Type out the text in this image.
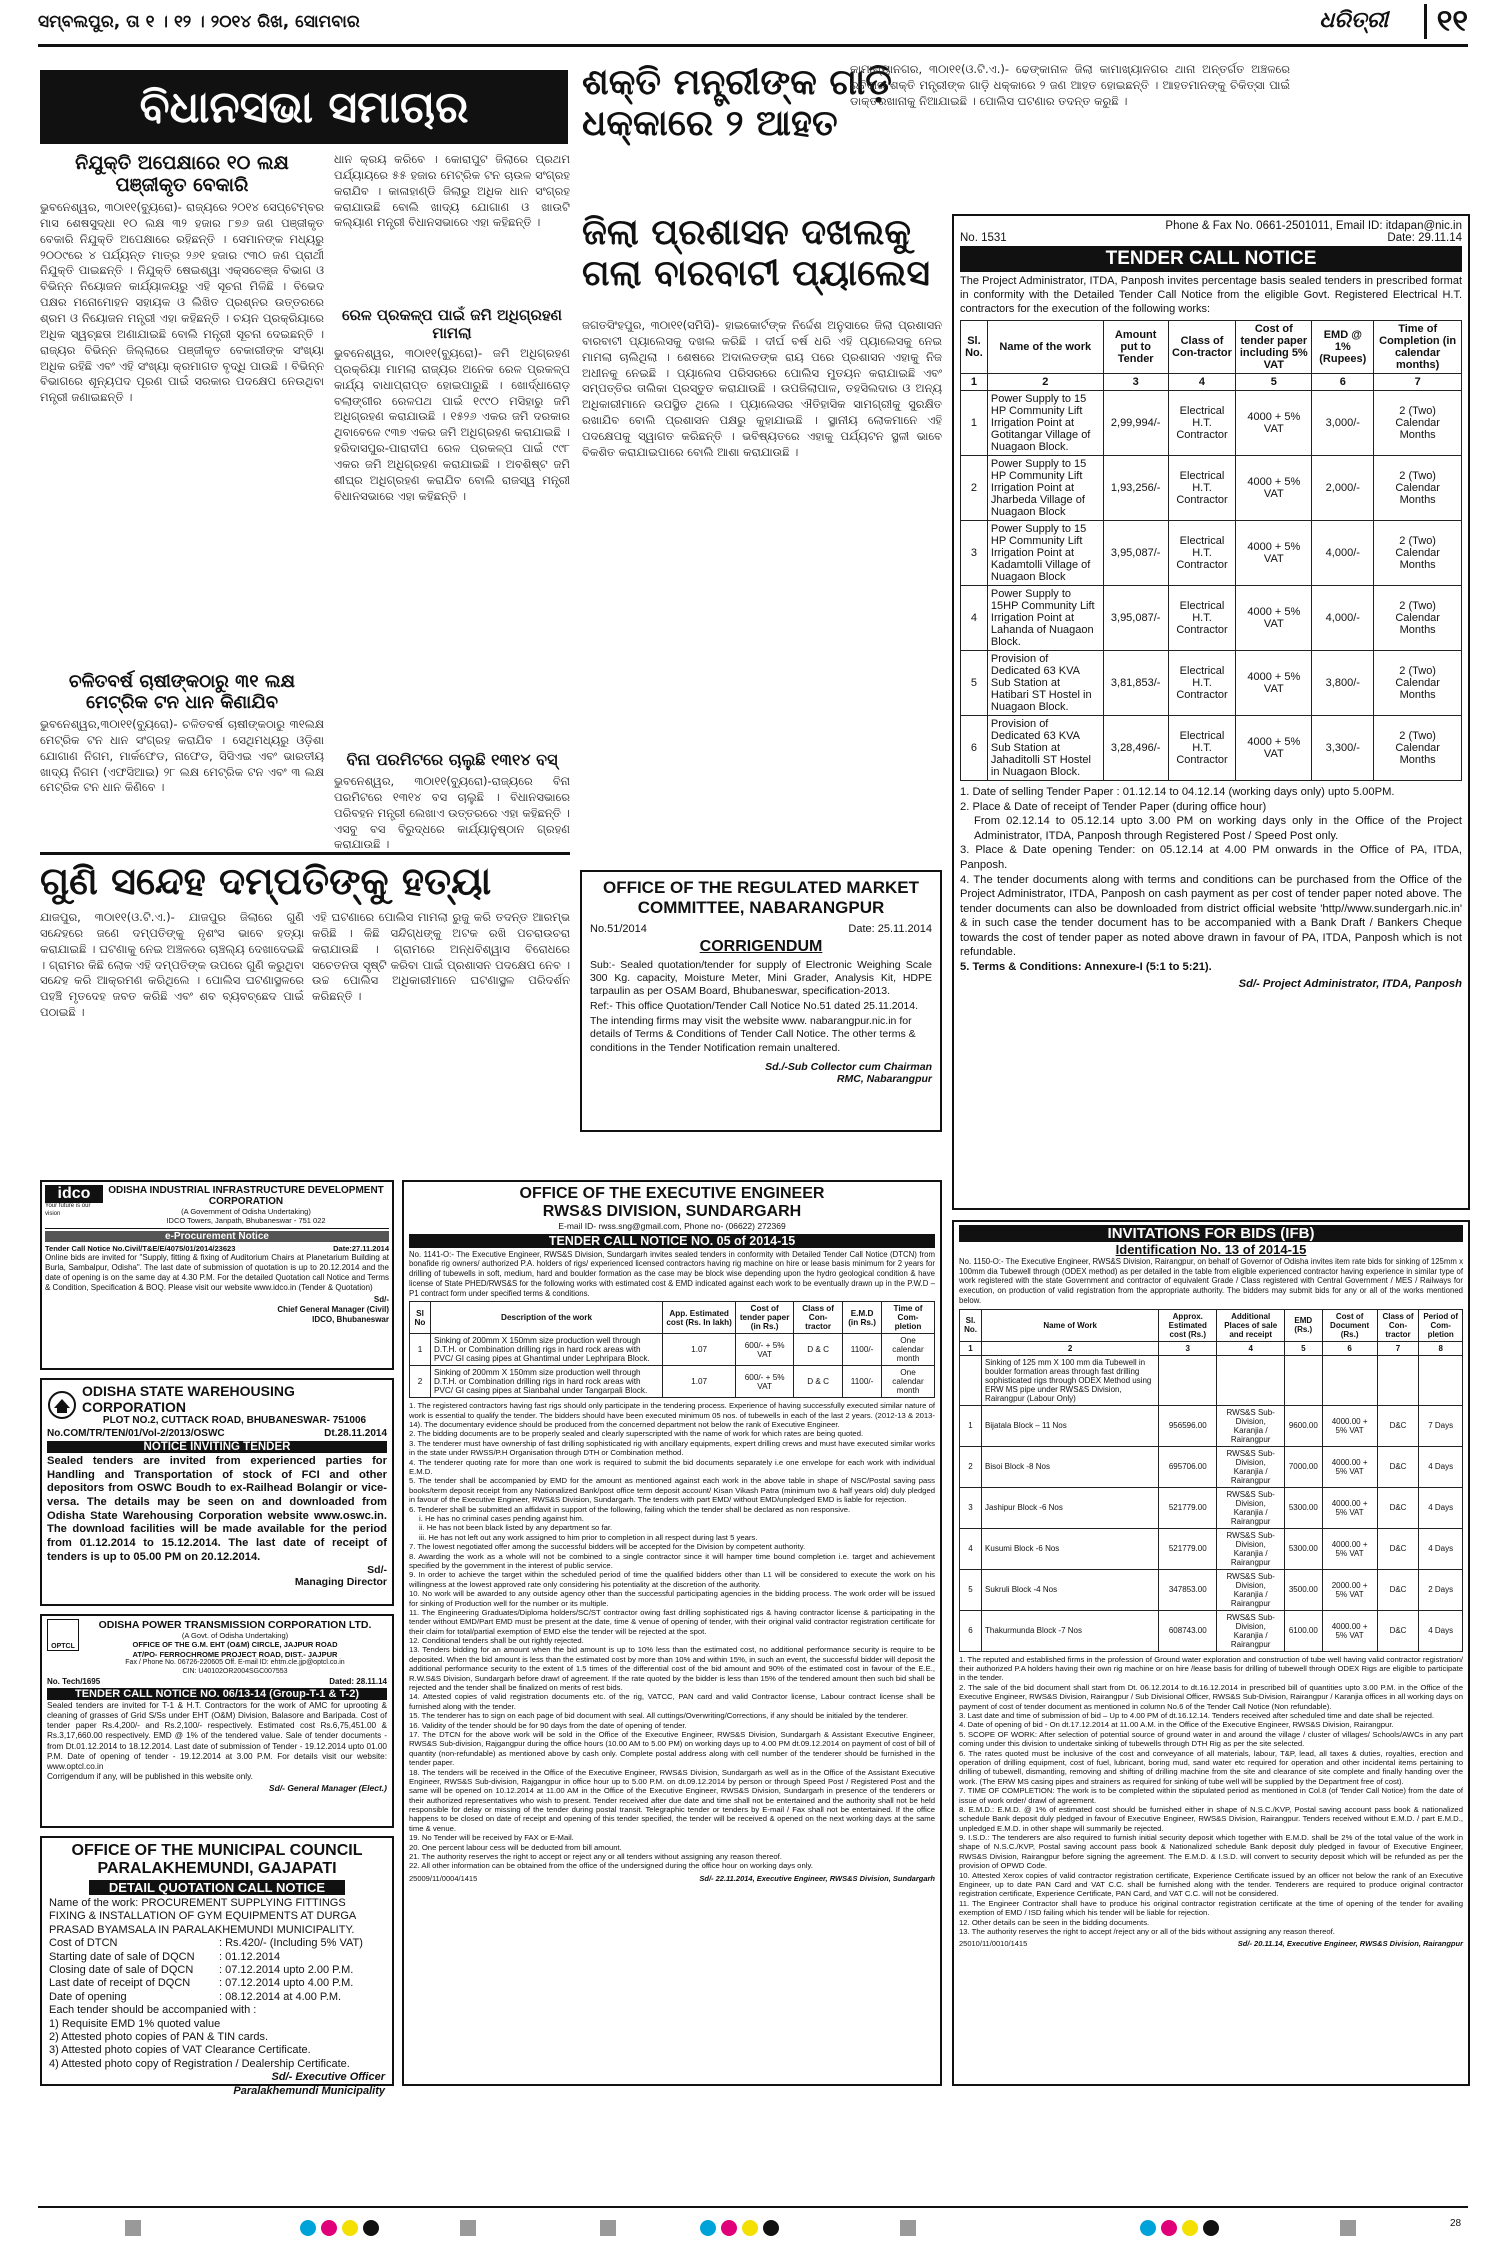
ସମ୍ବଲପୁର, ତା ୧ । ୧୨ । ୨୦୧୪ ରିଖ, ସୋମବାର	ଧରିତ୍ରୀ	୧୧
ବିଧାନସଭା ସମାଚାର
ନିଯୁକ୍ତି ଅପେକ୍ଷାରେ ୧୦ ଲକ୍ଷ
ପଞ୍ଜୀକୃତ ବେକାରି
ଭୁବନେଶ୍ୱର, ୩୦ା୧୧(ବ୍ୟୁରୋ)- ରାଜ୍ୟରେ ୨୦୧୪ ସେପ୍ଟେମ୍ବର ମାସ ଶେଷସୁଦ୍ଧା ୧୦ ଲକ୍ଷ ୩୨ ହଜାର ୮୭୬ ଜଣ ପଞ୍ଜୀକୃତ ବେକାରି ନିଯୁକ୍ତି ଅପେକ୍ଷାରେ ରହିଛନ୍ତି । ସେମାନଙ୍କ ମଧ୍ୟରୁ ୨୦୦୯ରେ ୪ ପର୍ଯ୍ୟନ୍ତ ମାତ୍ର ୨୬୧ ହଜାର ୯୩୦ ଜଣ ପ୍ରାର୍ଥୀ ନିଯୁକ୍ତି ପାଇଛନ୍ତି । ନିଯୁକ୍ତି ଷେଇଶ୍ୱା ଏକ୍ସଚେଞ୍ଜ ବିଭାଗ ଓ ବିଭିନ୍ନ ନିୟୋଜନ କାର୍ଯ୍ୟାଳୟରୁ ଏହି ସୂଚନା ମିଳିଛି । ବିଭେଦ ପକ୍ଷର ମନୋମୋହନ ସହାୟକ ଓ ଲିଖିତ ପ୍ରଶ୍ନର ଉତ୍ତରରେ ଶ୍ରମ ଓ ନିୟୋଜନ ମନ୍ତ୍ରୀ ଏହା କହିଛନ୍ତି । ଚୟନ ପ୍ରକ୍ରିୟାରେ ଅଧିକ ସ୍ୱଚ୍ଛତା ଅଣାଯାଇଛି ବୋଲି ମନ୍ତ୍ରୀ ସୂଚନା ଦେଇଛନ୍ତି । ରାଜ୍ୟର ବିଭିନ୍ନ ଜିଲ୍ଲାରେ ପଞ୍ଜୀକୃତ ବେକାରୀଙ୍କ ସଂଖ୍ୟା ଅଧିକ ରହିଛି ଏବଂ ଏହି ସଂଖ୍ୟା କ୍ରମାଗତ ବୃଦ୍ଧି ପାଉଛି । ବିଭିନ୍ନ ବିଭାଗରେ ଶୂନ୍ୟପଦ ପୂରଣ ପାଇଁ ସରକାର ପଦକ୍ଷେପ ନେଉଥିବା ମନ୍ତ୍ରୀ ଜଣାଇଛନ୍ତି ।
ଚଳିତବର୍ଷ ଚାଷୀଙ୍କଠାରୁ ୩୧ ଲକ୍ଷ
ମେଟ୍ରିକ ଟନ ଧାନ କିଣାଯିବ
ଭୁବନେଶ୍ୱର,୩୦ା୧୧(ବ୍ୟୁରୋ)- ଚଳିତବର୍ଷ ଚାଷୀଙ୍କଠାରୁ ୩୧ଲକ୍ଷ ମେଟ୍ରିକ ଟନ ଧାନ ସଂଗ୍ରହ କରାଯିବ । ସେଥିମଧ୍ୟରୁ ଓଡ଼ିଶା ଯୋଗାଣ ନିଗମ, ମାର୍କଫେଡ, ନାଫେଡ, ସିସିଏଇ ଏବଂ ଭାରତୀୟ ଖାଦ୍ୟ ନିଗମ (ଏଫସିଆଇ) ୨୮ ଲକ୍ଷ ମେଟ୍ରିକ ଟନ ଏବଂ ୩ ଲକ୍ଷ ମେଟ୍ରିକ ଟନ ଧାନ କିଣିବେ ।
ଧାନ କ୍ରୟ କରିବେ । କୋରାପୁଟ ଜିଲାରେ ପ୍ରଥମ ପର୍ଯ୍ୟାୟରେ ୫୫ ହଜାର ମେଟ୍ରିକ ଟନ ଚାଉଳ ସଂଗ୍ରହ କରାଯିବ । କାଳାହାଣ୍ଡି ଜିଲାରୁ ଅଧିକ ଧାନ ସଂଗ୍ରହ କରାଯାଉଛି ବୋଲି ଖାଦ୍ୟ ଯୋଗାଣ ଓ ଖାଉଟି କଲ୍ୟାଣ ମନ୍ତ୍ରୀ ବିଧାନସଭାରେ ଏହା କହିଛନ୍ତି ।
ରେଳ ପ୍ରକଳ୍ପ ପାଇଁ ଜମି ଅଧିଗ୍ରହଣ ମାମଲା
ଭୁବନେଶ୍ୱର, ୩୦ା୧୧(ବ୍ୟୁରୋ)- ଜମି ଅଧିଗ୍ରହଣ ପ୍ରକ୍ରିୟା ମାମଲା ରାଜ୍ୟର ଅନେକ ରେଳ ପ୍ରକଳ୍ପ କାର୍ଯ୍ୟ ବାଧାପ୍ରାପ୍ତ ହୋଇପାରୁଛି । ଖୋର୍ଦ୍ଧାରୋଡ଼ ବଲାଙ୍ଗୀର ରେଳପଥ ପାଇଁ ୧୯୯୦ ମସିହାରୁ ଜମି ଅଧିଗ୍ରହଣ କରାଯାଉଛି । ୧୫୨୬ ଏକର ଜମି ଦରକାର ଥିବାବେଳେ ୯୩୭ ଏକର ଜମି ଅଧିଗ୍ରହଣ କରାଯାଇଛି । ହରିଦାସପୁର-ପାରାଦୀପ ରେଳ ପ୍ରକଳ୍ପ ପାଇଁ ୯୯୮ ଏକର ଜମି ଅଧିଗ୍ରହଣ କରାଯାଇଛି । ଅବଶିଷ୍ଟ ଜମି ଶୀଘ୍ର ଅଧିଗ୍ରହଣ କରାଯିବ ବୋଲି ରାଜସ୍ୱ ମନ୍ତ୍ରୀ ବିଧାନସଭାରେ ଏହା କହିଛନ୍ତି ।
ବିନା ପରମିଟରେ ଚାଲୁଛି ୧୩୧୪ ବସ୍
ଭୁବନେଶ୍ୱର, ୩୦ା୧୧(ବ୍ୟୁରୋ)-ରାଜ୍ୟରେ ବିନା ପରମିଟରେ ୧୩୧୪ ବସ ଚାଲୁଛି । ବିଧାନସଭାରେ ପରିବହନ ମନ୍ତ୍ରୀ ଲେଖାଏ ଉତ୍ତରରେ ଏହା କହିଛନ୍ତି । ଏସବୁ ବସ ବିରୁଦ୍ଧରେ କାର୍ଯ୍ୟାନୁଷ୍ଠାନ ଗ୍ରହଣ କରାଯାଉଛି ।
ଶକ୍ତି ମନ୍ତ୍ରୀଙ୍କ ଗାଡ଼ି
ଧକ୍କାରେ ୨ ଆହତ
କାମାଖ୍ୟାନଗର, ୩୦ା୧୧(ଓ.ଟି.ଏ.)- ଢେଙ୍କାନାଳ ଜିଲା କାମାଖ୍ୟାନଗର ଥାନା ଅନ୍ତର୍ଗତ ଅଞ୍ଚଳରେ ରବିବାର ଶକ୍ତି ମନ୍ତ୍ରୀଙ୍କ ଗାଡ଼ି ଧକ୍କାରେ ୨ ଜଣ ଆହତ ହୋଇଛନ୍ତି । ଆହତମାନଙ୍କୁ ଚିକିତ୍ସା ପାଇଁ ଡାକ୍ତରଖାନାକୁ ନିଆଯାଇଛି । ପୋଲିସ ଘଟଣାର ତଦନ୍ତ କରୁଛି ।
ଜିଲା ପ୍ରଶାସନ ଦଖଲକୁ
ଗଲା ବାରବାଟୀ ପ୍ୟାଲେସ
ଜଗତସିଂହପୁର, ୩୦ା୧୧(ସମିସି)- ହାଇକୋର୍ଟଙ୍କ ନିର୍ଦ୍ଦେଶ ଅନୁସାରେ ଜିଲା ପ୍ରଶାସନ ବାରବାଟୀ ପ୍ୟାଲେସକୁ ଦଖଲ କରିଛି । ଦୀର୍ଘ ବର୍ଷ ଧରି ଏହି ପ୍ୟାଲେସକୁ ନେଇ ମାମଲା ଚାଲିଥିଲା । ଶେଷରେ ଅଦାଲତଙ୍କ ରାୟ ପରେ ପ୍ରଶାସନ ଏହାକୁ ନିଜ ଅଧୀନକୁ ନେଇଛି । ପ୍ୟାଲେସ ପରିସରରେ ପୋଲିସ ମୁତୟନ କରାଯାଇଛି ଏବଂ ସମ୍ପତ୍ତିର ତାଲିକା ପ୍ରସ୍ତୁତ କରାଯାଉଛି । ଉପଜିଲାପାଳ, ତହସିଲଦାର ଓ ଅନ୍ୟ ଅଧିକାରୀମାନେ ଉପସ୍ଥିତ ଥିଲେ । ପ୍ୟାଲେସର ଐତିହାସିକ ସାମଗ୍ରୀକୁ ସୁରକ୍ଷିତ ରଖାଯିବ ବୋଲି ପ୍ରଶାସନ ପକ୍ଷରୁ କୁହାଯାଇଛି । ସ୍ଥାନୀୟ ଲୋକମାନେ ଏହି ପଦକ୍ଷେପକୁ ସ୍ୱାଗତ କରିଛନ୍ତି । ଭବିଷ୍ୟତରେ ଏହାକୁ ପର୍ଯ୍ୟଟନ ସ୍ଥଳୀ ଭାବେ ବିକଶିତ କରାଯାଇପାରେ ବୋଲି ଆଶା କରାଯାଉଛି ।
ଗୁଣି ସନ୍ଦେହ ଦମ୍ପତିଙ୍କୁ ହତ୍ୟା
ଯାଜପୁର, ୩୦ା୧୧(ଓ.ଟି.ଏ.)- ଯାଜପୁର ଜିଲାରେ ଗୁଣି ସନ୍ଦେହରେ ଜଣେ ଦମ୍ପତିଙ୍କୁ ନୃଶଂସ ଭାବେ ହତ୍ୟା କରାଯାଇଛି । ଘଟଣାକୁ ନେଇ ଅଞ୍ଚଳରେ ଚାଞ୍ଚଲ୍ୟ ଦେଖାଦେଇଛି । ଗ୍ରାମର କିଛି ଲୋକ ଏହି ଦମ୍ପତିଙ୍କ ଉପରେ ଗୁଣି କରୁଥିବା ସନ୍ଦେହ କରି ଆକ୍ରମଣ କରିଥିଲେ । ପୋଲିସ ଘଟଣାସ୍ଥଳରେ ପହଞ୍ଚି ମୃତଦେହ ଜବତ କରିଛି ଏବଂ ଶବ ବ୍ୟବଚ୍ଛେଦ ପାଇଁ ପଠାଇଛି ।
ଏହି ଘଟଣାରେ ପୋଲିସ ମାମଲା ରୁଜୁ କରି ତଦନ୍ତ ଆରମ୍ଭ କରିଛି । କିଛି ସନ୍ଦିଗ୍ଧଙ୍କୁ ଅଟକ ରଖି ପଚରାଉଚରା କରାଯାଉଛି । ଗ୍ରାମରେ ଅନ୍ଧବିଶ୍ୱାସ ବିରୋଧରେ ସଚେତନତା ସୃଷ୍ଟି କରିବା ପାଇଁ ପ୍ରଶାସନ ପଦକ୍ଷେପ ନେବ । ଉଚ୍ଚ ପୋଲିସ ଅଧିକାରୀମାନେ ଘଟଣାସ୍ଥଳ ପରିଦର୍ଶନ କରିଛନ୍ତି ।
OFFICE OF THE REGULATED MARKET COMMITTEE, NABARANGPUR
No.51/2014	Date: 25.11.2014
CORRIGENDUM
Sub:- Sealed quotation/tender for supply of Electronic Weighing Scale 300 Kg. capacity, Moisture Meter, Mini Grader, Analysis Kit, HDPE tarpaulin as per OSAM Board, Bhubaneswar, specification-2013.
Ref:- This office Quotation/Tender Call Notice No.51 dated 25.11.2014.
The intending firms may visit the website www. nabarangpur.nic.in for details of Terms & Conditions of Tender Call Notice. The other terms & conditions in the Tender Notification remain unaltered.
Sd./-Sub Collector cum Chairman
RMC, Nabarangpur
Phone & Fax No. 0661-2501011, Email ID: itdapan@nic.in
No. 1531	Date: 29.11.14
TENDER CALL NOTICE
The Project Administrator, ITDA, Panposh invites percentage basis sealed tenders in prescribed format in conformity with the Detailed Tender Call Notice from the eligible Govt. Registered Electrical H.T. contractors for the execution of the following works:
Sl. No.	Name of the work	Amount put to Tender	Class of Con-tractor	Cost of tender paper including 5% VAT	EMD @ 1% (Rupees)	Time of Completion (in calendar months)
1	2	3	4	5	6	7
1	Power Supply to 15 HP Community Lift Irrigation Point at Gotitangar Village of Nuagaon Block.	2,99,994/-	Electrical H.T. Contractor	4000 + 5% VAT	3,000/-	2 (Two) Calendar Months
2	Power Supply to 15 HP Community Lift Irrigation Point at Jharbeda Village of Nuagaon Block	1,93,256/-	Electrical H.T. Contractor	4000 + 5% VAT	2,000/-	2 (Two) Calendar Months
3	Power Supply to 15 HP Community Lift Irrigation Point at Kadamtolli Village of Nuagaon Block	3,95,087/-	Electrical H.T. Contractor	4000 + 5% VAT	4,000/-	2 (Two) Calendar Months
4	Power Supply to 15HP Community Lift Irrigation Point at Lahanda of Nuagaon Block.	3,95,087/-	Electrical H.T. Contractor	4000 + 5% VAT	4,000/-	2 (Two) Calendar Months
5	Provision of Dedicated 63 KVA Sub Station at Hatibari ST Hostel in Nuagaon Block.	3,81,853/-	Electrical H.T. Contractor	4000 + 5% VAT	3,800/-	2 (Two) Calendar Months
6	Provision of Dedicated 63 KVA Sub Station at Jahaditolli ST Hostel in Nuagaon Block.	3,28,496/-	Electrical H.T. Contractor	4000 + 5% VAT	3,300/-	2 (Two) Calendar Months
1. Date of selling Tender Paper : 01.12.14 to 04.12.14 (working days only) upto 5.00PM.
2. Place & Date of receipt of Tender Paper (during office hour)
From 02.12.14 to 05.12.14 upto 3.00 PM on working days only in the Office of the Project Administrator, ITDA, Panposh through Registered Post / Speed Post only.
3. Place & Date opening Tender: on 05.12.14 at 4.00 PM onwards in the Office of PA, ITDA, Panposh.
4. The tender documents along with terms and conditions can be purchased from the Office of the Project Administrator, ITDA, Panposh on cash payment as per cost of tender paper noted above. The tender documents can also be downloaded from district official website 'http//www.sundergarh.nic.in' & in such case the tender document has to be accompanied with a Bank Draft / Bankers Cheque towards the cost of tender paper as noted above drawn in favour of PA, ITDA, Panposh which is not refundable.
5. Terms & Conditions: Annexure-I (5:1 to 5:21).
Sd/- Project Administrator, ITDA, Panposh
idco
Your future is our vision
ODISHA INDUSTRIAL INFRASTRUCTURE DEVELOPMENT CORPORATION
(A Government of Odisha Undertaking)
IDCO Towers, Janpath, Bhubaneswar - 751 022
e-Procurement Notice
Tender Call Notice No.Civil/T&E/E/4075/01/2014/23623	Date:27.11.2014
Online bids are invited for "Supply, fitting & fixing of Auditorium Chairs at Planetarium Building at Burla, Sambalpur, Odisha". The last date of submission of quotation is up to 20.12.2014 and the date of opening is on the same day at 4.30 P.M. For the detailed Quotation call Notice and Terms & Condition, Specification & BOQ. Please visit our website www.idco.in (Tender & Quotation)
Sd/-
Chief General Manager (Civil)
IDCO, Bhubaneswar
ODISHA STATE WAREHOUSING CORPORATION
PLOT NO.2, CUTTACK ROAD, BHUBANESWAR- 751006
No.COM/TR/TEN/01/Vol-2/2013/OSWC	Dt.28.11.2014
NOTICE INVITING TENDER
Sealed tenders are invited from experienced parties for Handling and Transportation of stock of FCI and other depositors from OSWC Boudh to ex-Railhead Bolangir or vice-versa. The details may be seen on and downloaded from Odisha State Warehousing Corporation website www.oswc.in. The download facilities will be made available for the period from 01.12.2014 to 15.12.2014. The last date of receipt of tenders is up to 05.00 PM on 20.12.2014.
Sd/-
Managing Director
OPTCL
ODISHA POWER TRANSMISSION CORPORATION LTD.
(A Govt. of Odisha Undertaking)
OFFICE OF THE G.M. EHT (O&M) CIRCLE, JAJPUR ROAD
AT/PO- FERROCHROME PROJECT ROAD, DIST.- JAJPUR
Fax / Phone No. 06726-220605 Off. E-mail ID: ehtm.cle.jjp@optcl.co.in
CIN: U40102OR2004SGC007553
No. Tech/1695	Dated: 28.11.14
TENDER CALL NOTICE NO. 06/13-14 (Group-T-1 & T-2)
Sealed tenders are invited for T-1 & H.T. Contractors for the work of AMC for uprooting & cleaning of grasses of Grid S/Ss under EHT (O&M) Division, Balasore and Baripada. Cost of tender paper Rs.4,200/- and Rs.2,100/- respectively. Estimated cost Rs.6,75,451.00 & Rs.3,17,660.00 respectively. EMD @ 1% of the tendered value. Sale of tender documents - from Dt.01.12.2014 to 18.12.2014. Last date of submission of Tender - 19.12.2014 upto 01.00 P.M. Date of opening of tender - 19.12.2014 at 3.00 P.M. For details visit our website: www.optcl.co.in
Corrigendum if any, will be published in this website only.
Sd/- General Manager (Elect.)
OFFICE OF THE MUNICIPAL COUNCIL
PARALAKHEMUNDI, GAJAPATI
DETAIL QUOTATION CALL NOTICE
Name of the work: PROCUREMENT SUPPLYING FITTINGS FIXING & INSTALLATION OF GYM EQUIPMENTS AT DURGA PRASAD BYAMSALA IN PARALAKHEMUNDI MUNICIPALITY.
Cost of DTCN	: Rs.420/- (Including 5% VAT)
Starting date of sale of DQCN	: 01.12.2014
Closing date of sale of DQCN	: 07.12.2014 upto 2.00 P.M.
Last date of receipt of DQCN	: 07.12.2014 upto 4.00 P.M.
Date of opening	: 08.12.2014 at 4.00 P.M.
Each tender should be accompanied with :
1) Requisite EMD 1% quoted value
2) Attested photo copies of PAN & TIN cards.
3) Attested photo copies of VAT Clearance Certificate.
4) Attested photo copy of Registration / Dealership Certificate.
Sd/- Executive Officer
Paralakhemundi Municipality
OFFICE OF THE EXECUTIVE ENGINEER
RWS&S DIVISION, SUNDARGARH
E-mail ID- rwss.sng@gmail.com, Phone no- (06622) 272369
TENDER CALL NOTICE NO. 05 of 2014-15
No. 1141-O:- The Executive Engineer, RWS&S Division, Sundargarh invites sealed tenders in conformity with Detailed Tender Call Notice (DTCN) from bonafide rig owners/ authorized P.A. holders of rigs/ experienced licensed contractors having rig machine on hire or lease basis minimum for 2 years for drilling of tubewells in soft, medium, hard and boulder formation as the case may be block wise depending upon the hydro geological condition & have license of State PHED/RWS&S for the following works with estimated cost & EMD indicated against each work to be eventually drawn up in the P.W.D – P1 contract form under specified terms & conditions.
Sl No	Description of the work	App. Estimated cost (Rs. In lakh)	Cost of tender paper (in Rs.)	Class of Con-tractor	E.M.D (in Rs.)	Time of Com-pletion
1	Sinking of 200mm X 150mm size production well through D.T.H. or Combination drilling rigs in hard rock areas with PVC/ GI casing pipes at Ghantimal under Lephripara Block.	1.07	600/- + 5% VAT	D & C	1100/-	One calendar month
2	Sinking of 200mm X 150mm size production well through D.T.H. or Combination drilling rigs in hard rock areas with PVC/ GI casing pipes at Sianbahal under Tangarpali Block.	1.07	600/- + 5% VAT	D & C	1100/-	One calendar month
1. The registered contractors having fast rigs should only participate in the tendering process. Experience of having successfully executed similar nature of work is essential to qualify the tender. The bidders should have been executed minimum 05 nos. of tubewells in each of the last 2 years. (2012-13 & 2013-14). The documentary evidence should be produced from the concerned department not below the rank of Executive Engineer.
2. The bidding documents are to be properly sealed and clearly superscripted with the name of work for which rates are being quoted.
3. The tenderer must have ownership of fast drilling sophisticated rig with ancillary equipments, expert drilling crews and must have executed similar works in the state under RWSS/P.H Organisation through DTH or Combination method.
4. The tenderer quoting rate for more than one work is required to submit the bid documents separately i.e one envelope for each work with individual E.M.D.
5. The tender shall be accompanied by EMD for the amount as mentioned against each work in the above table in shape of NSC/Postal saving pass books/term deposit receipt from any Nationalized Bank/post office term deposit account/ Kisan Vikash Patra (minimum two & half years old) duly pledged in favour of the Executive Engineer, RWS&S Division, Sundargarh. The tenders with part EMD/ without EMD/unpledged EMD is liable for rejection.
6. Tenderer shall be submitted an affidavit in support of the following, failing which the tender shall be declared as non responsive.
i. He has no criminal cases pending against him.
ii. He has not been black listed by any department so far.
iii. He has not left out any work assigned to him prior to completion in all respect during last 5 years.
7. The lowest negotiated offer among the successful bidders will be accepted for the Division by competent authority.
8. Awarding the work as a whole will not be combined to a single contractor since it will hamper time bound completion i.e. target and achievement specified by the government in the interest of public service.
9. In order to achieve the target within the scheduled period of time the qualified bidders other than L1 will be considered to execute the work on his willingness at the lowest approved rate only considering his potentiality at the discretion of the authority.
10. No work will be awarded to any outside agency other than the successful participating agencies in the bidding process. The work order will be issued for sinking of Production well for the number or its multiple.
11. The Engineering Graduates/Diploma holders/SC/ST contractor owing fast drilling sophisticated rigs & having contractor license & participating in the tender without EMD/Part EMD must be present at the date, time & venue of opening of tender, with their original valid contractor registration certificate for their claim for total/partial exemption of EMD else the tender will be rejected at the spot.
12. Conditional tenders shall be out rightly rejected.
13. Tenders bidding for an amount when the bid amount is up to 10% less than the estimated cost, no additional performance security is require to be deposited. When the bid amount is less than the estimated cost by more than 10% and within 15%, in such an event, the successful bidder will deposit the additional performance security to the extent of 1.5 times of the differential cost of the bid amount and 90% of the estimated cost in favour of the E.E., R.W.S&S Division, Sundargarh before draw! of agreement. If the rate quoted by the bidder is less than 15% of the tendered amount then such bid shall be rejected and the tender shall be finalized on merits of rest bids.
14. Attested copies of valid registration documents etc. of the rig, VATCC, PAN card and valid Contractor license, Labour contract license shall be furnished along with the tender.
15. The tenderer has to sign on each page of bid document with seal. All cuttings/Overwriting/Corrections, if any should be initialed by the tenderer.
16. Validity of the tender should be for 90 days from the date of opening of tender.
17. The DTCN for the above work will be sold in the Office of the Executive Engineer, RWS&S Division, Sundargarh & Assistant Executive Engineer, RWS&S Sub-division, Rajgangpur during the office hours (10.00 AM to 5.00 PM) on working days up to 4.00 PM dt.09.12.2014 on payment of cost of bill of quantity (non-refundable) as mentioned above by cash only. Complete postal address along with cell number of the tenderer should be furnished in the tender paper.
18. The tenders will be received in the Office of the Executive Engineer, RWS&S Division, Sundargarh as well as in the Office of the Assistant Executive Engineer, RWS&S Sub-division, Rajgangpur in office hour up to 5.00 P.M. on dt.09.12.2014 by person or through Speed Post / Registered Post and the same will be opened on 10.12.2014 at 11.00 AM in the Office of the Executive Engineer, RWS&S Division, Sundargarh in presence of the tenderers or their authorized representatives who wish to present. Tender received after due date and time shall not be entertained and the authority shall not be held responsible for delay or missing of the tender during postal transit. Telegraphic tender or tenders by E-mail / Fax shall not be entertained. If the office happens to be closed on date of receipt and opening of this tender specified, the tender will be received & opened on the next working days at the same time & venue.
19. No Tender will be received by FAX or E-Mail.
20. One percent labour cess will be deducted from bill amount.
21. The authority reserves the right to accept or reject any or all tenders without assigning any reason thereof.
22. All other information can be obtained from the office of the undersigned during the office hour on working days only.
25009/11/0004/1415	Sd/- 22.11.2014, Executive Engineer, RWS&S Division, Sundargarh
INVITATIONS FOR BIDS (IFB)
Identification No. 13 of 2014-15
No. 1150-O:- The Executive Engineer, RWS&S Division, Rairangpur, on behalf of Governor of Odisha invites item rate bids for sinking of 125mm x 100mm dia Tubewell through (ODEX method) as per detailed in the table from eligible experienced contractor having experience in similar type of work registered with the state Government and contractor of equivalent Grade / Class registered with Central Government / MES / Railways for execution, on production of valid registration from the appropriate authority. The bidders may submit bids for any or all of the works mentioned below.
Sl. No.	Name of Work	Approx. Estimated cost (Rs.)	Additional Places of sale and receipt	EMD (Rs.)	Cost of Document (Rs.)	Class of Con-tractor	Period of Com-pletion
1	2	3	4	5	6	7	8
	Sinking of 125 mm X 100 mm dia Tubewell in boulder formation areas through fast drilling sophisticated rigs through ODEX Method using ERW MS pipe under RWS&S Division, Rairangpur (Labour Only)						
1	Bijatala Block – 11 Nos	956596.00	RWS&S Sub-Division, Karanjia / Rairangpur	9600.00	4000.00 + 5% VAT	D&C	7 Days
2	Bisoi Block -8 Nos	695706.00	RWS&S Sub-Division, Karanjia / Rairangpur	7000.00	4000.00 + 5% VAT	D&C	4 Days
3	Jashipur Block -6 Nos	521779.00	RWS&S Sub-Division, Karanjia / Rairangpur	5300.00	4000.00 + 5% VAT	D&C	4 Days
4	Kusumi Block -6 Nos	521779.00	RWS&S Sub-Division, Karanjia / Rairangpur	5300.00	4000.00 + 5% VAT	D&C	4 Days
5	Sukruli Block -4 Nos	347853.00	RWS&S Sub-Division, Karanjia / Rairangpur	3500.00	2000.00 + 5% VAT	D&C	2 Days
6	Thakurmunda Block -7 Nos	608743.00	RWS&S Sub-Division, Karanjia / Rairangpur	6100.00	4000.00 + 5% VAT	D&C	4 Days
1. The reputed and established firms in the profession of Ground water exploration and construction of tube well having valid contractor registration/ their authorized P.A holders having their own rig machine or on hire /lease basis for drilling of tubewell through ODEX Rigs are eligible to participate in the tender.
2. The sale of the bid document shall start from Dt. 06.12.2014 to dt.16.12.2014 in prescribed bill of quantities upto 3.00 P.M. in the Office of the Executive Engineer, RWS&S Division, Rairangpur / Sub Divisional Officer, RWS&S Sub-Division, Rairangpur / Karanjia offices in all working days on payment of cost of tender document as mentioned in column No.6 of the Tender Call Notice (Non refundable).
3. Last date and time of submission of bid – Up to 4.00 PM of dt.16.12.14. Tenders received after scheduled time and date shall be rejected.
4. Date of opening of bid - On dt.17.12.2014 at 11.00 A.M. in the Office of the Executive Engineer, RWS&S Division, Rairangpur.
5. SCOPE OF WORK: After selection of potential source of ground water in and around the village / cluster of villages/ Schools/AWCs in any part coming under this division to undertake sinking of tubewells through DTH Rig as per the site selected.
6. The rates quoted must be inclusive of the cost and conveyance of all materials, labour, T&P, lead, all taxes & duties, royalties, erection and operation of drilling equipment, cost of fuel, lubricant, boring mud, sand water etc required for operation and other incidental items pertaining to drilling of tubewell, dismantling, removing and shifting of drilling machine from the site and clearance of site complete and finally handing over the work. (The ERW MS casing pipes and strainers as required for sinking of tube well will be supplied by the Department free of cost).
7. TIME OF COMPLETION: The work is to be completed within the stipulated period as mentioned in Col.8 (of Tender Call Notice) from the date of issue of work order/ drawl of agreement.
8. E.M.D.: E.M.D. @ 1% of estimated cost should be furnished either in shape of N.S.C./KVP, Postal saving account pass book & nationalized schedule Bank deposit duly pledged in favour of Executive Engineer, RWS&S Division, Rairangpur. Tenders received without E.M.D. / part E.M.D., unpledged E.M.D. in other shape will summarily be rejected.
9. I.S.D.: The tenderers are also required to furnish initial security deposit which together with E.M.D. shall be 2% of the total value of the work in shape of N.S.C./KVP, Postal saving account pass book & Nationalized schedule Bank deposit duly pledged in favour of Executive Engineer, RWS&S Division, Rairangpur before signing the agreement. The E.M.D. & I.S.D. will convert to security deposit which will be refunded as per the provision of OPWD Code.
10. Attested Xerox copies of valid contractor registration certificate, Experience Certificate issued by an officer not below the rank of an Executive Engineer, up to date PAN Card and VAT C.C. shall be furnished along with the tender. Tenderers are required to produce original contractor registration certificate, Experience Certificate, PAN Card, and VAT C.C. will not be considered.
11. The Engineer Contractor shall have to produce his original contractor registration certificate at the time of opening of the tender for availing exemption of EMD / ISD failing which his tender will be liable for rejection.
12. Other details can be seen in the bidding documents.
13. The authority reserves the right to accept /reject any or all of the bids without assigning any reason thereof.
25010/11/0010/1415	Sd/- 20.11.14, Executive Engineer, RWS&S Division, Rairangpur
28
